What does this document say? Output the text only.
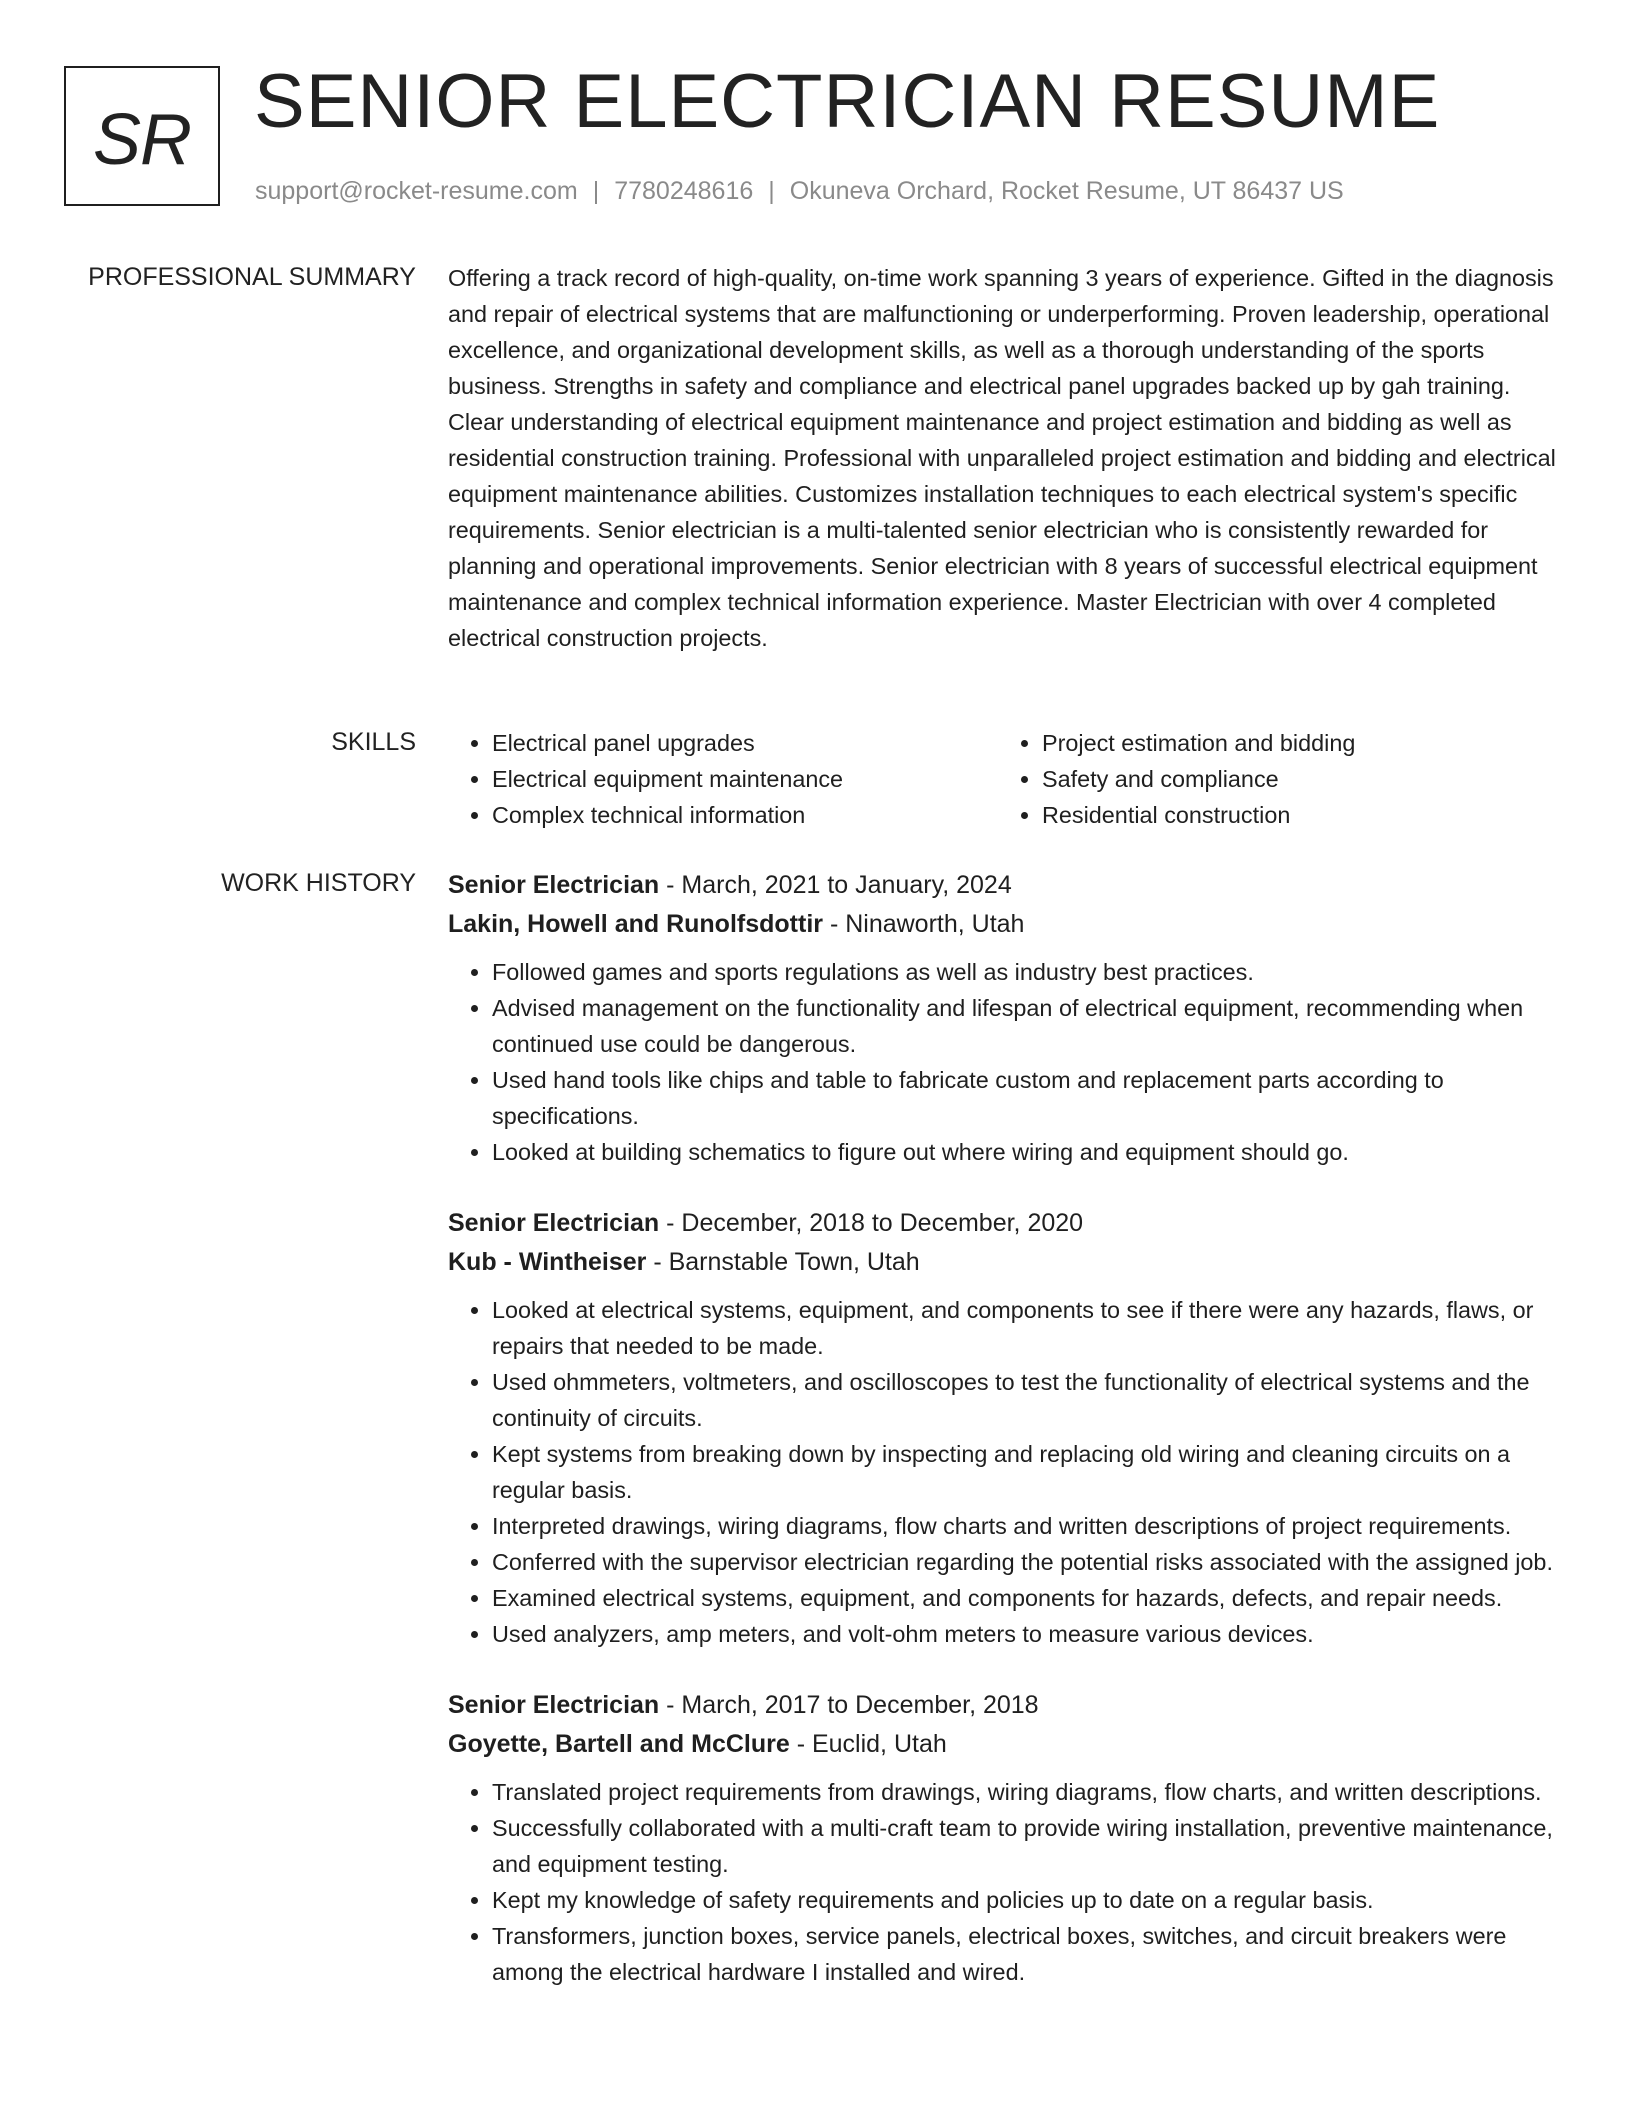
SR SENIOR ELECTRICIAN RESUME
support@rocket-resume.com | 7780248616 | Okuneva Orchard, Rocket Resume, UT 86437 US
PROFESSIONAL SUMMARY Offering a track record of high-quality, on-time work spanning 3 years of experience. Gifted in the diagnosis and repair of electrical systems that are malfunctioning or underperforming. Proven leadership, operational excellence, and organizational development skills, as well as a thorough understanding of the sports business. Strengths in safety and compliance and electrical panel upgrades backed up by gah training. Clear understanding of electrical equipment maintenance and project estimation and bidding as well as residential construction training. Professional with unparalleled project estimation and bidding and electrical equipment maintenance abilities. Customizes installation techniques to each electrical system's specific requirements. Senior electrician is a multi-talented senior electrician who is consistently rewarded for planning and operational improvements. Senior electrician with 8 years of successful electrical equipment maintenance and complex technical information experience. Master Electrician with over 4 completed electrical construction projects.

SKILLS
•	Electrical panel upgrades
• Electrical equipment maintenance
• Complex technical information
• Project estimation and bidding
• Safety and compliance
• Residential construction
WORK HISTORY Senior Electrician - March, 2021 to January, 2024
Lakin, Howell and Runolfsdottir - Ninaworth, Utah
• Followed games and sports regulations as well as industry best practices.
• Advised management on the functionality and lifespan of electrical equipment, recommending when continued use could be dangerous.
• Used hand tools like chips and table to fabricate custom and replacement parts according to specifications.
• Looked at building schematics to figure out where wiring and equipment should go.
Senior Electrician - December, 2018 to December, 2020
Kub - Wintheiser - Barnstable Town, Utah
• Looked at electrical systems, equipment, and components to see if there were any hazards, flaws, or repairs that needed to be made.
• Used ohmmeters, voltmeters, and oscilloscopes to test the functionality of electrical systems and the continuity of circuits.
• Kept systems from breaking down by inspecting and replacing old wiring and cleaning circuits on a regular basis.
• Interpreted drawings, wiring diagrams, flow charts and written descriptions of project requirements.
• Conferred with the supervisor electrician regarding the potential risks associated with the assigned job.
• Examined electrical systems, equipment, and components for hazards, defects, and repair needs.
• Used analyzers, amp meters, and volt-ohm meters to measure various devices.
Senior Electrician - March, 2017 to December, 2018
Goyette, Bartell and McClure - Euclid, Utah
• Translated project requirements from drawings, wiring diagrams, flow charts, and written descriptions.
• Successfully collaborated with a multi-craft team to provide wiring installation, preventive maintenance, and equipment testing.
• Kept my knowledge of safety requirements and policies up to date on a regular basis.
• Transformers, junction boxes, service panels, electrical boxes, switches, and circuit breakers were among the electrical hardware I installed and wired.
